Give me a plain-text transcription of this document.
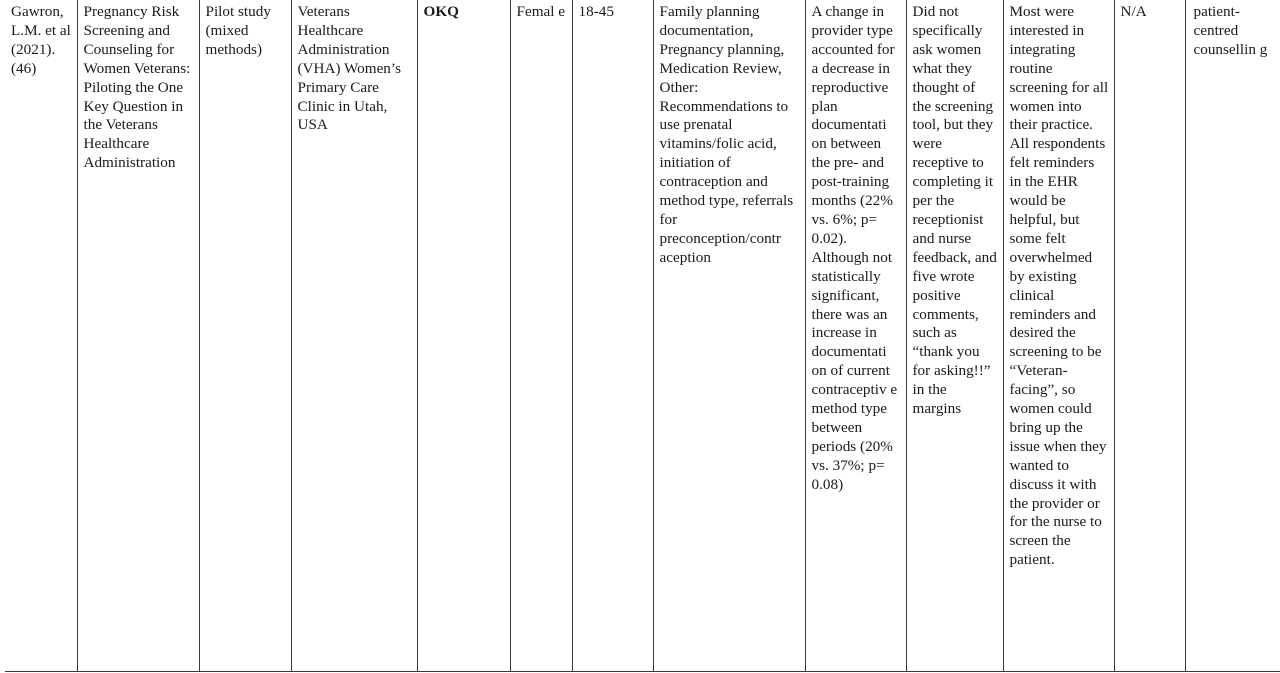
Gawron, L.M. et al (2021). (46)	Pregnancy Risk Screening and Counseling for Women Veterans: Piloting the One Key Question in the Veterans Healthcare Administration	Pilot study (mixed methods)	Veterans Healthcare Administration (VHA) Women’s Primary Care Clinic in Utah, USA	OKQ	Femal e	18-45	Family planning documentation, Pregnancy planning, Medication Review, Other: Recommendations to use prenatal vitamins/folic acid, initiation of contraception and method type, referrals for preconception/contr aception	A change in provider type accounted for a decrease in reproductive plan documentati on between the pre- and post-training months (22% vs. 6%; p= 0.02). Although not statistically significant, there was an increase in documentati on of current contraceptiv e method type between periods (20% vs. 37%; p= 0.08)	Did not specifically ask women what they thought of the screening tool, but they were receptive to completing it per the receptionist and nurse feedback, and five wrote positive comments, such as “thank you for asking!!” in the margins	Most were interested in integrating routine screening for all women into their practice. All respondents felt reminders in the EHR would be helpful, but some felt overwhelmed by existing clinical reminders and desired the screening to be “Veteran-facing”, so women could bring up the issue when they wanted to discuss it with the provider or for the nurse to screen the patient.	N/A	patient-centred counsellin g
